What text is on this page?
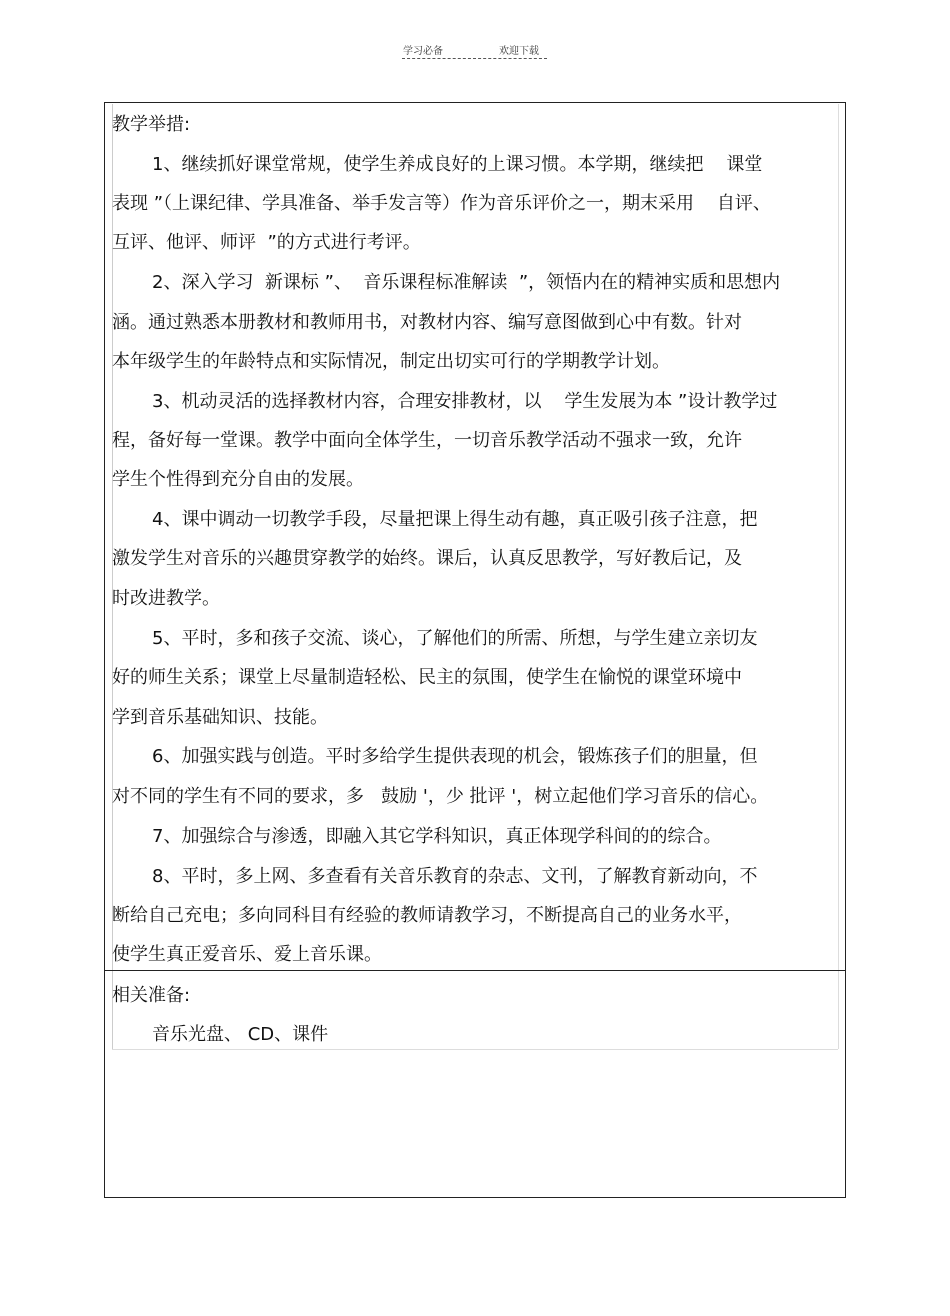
学习必备	欢迎下载
教学举措:
1、继续抓好课堂常规，使学生养成良好的上课习惯。本学期，继续把    课堂
表现 ”（上课纪律、学具准备、举手发言等）作为音乐评价之一，期末采用    自评、
互评、他评、师评  ”的方式进行考评。
2、深入学习  新课标 ”、  音乐课程标准解读  ”，领悟内在的精神实质和思想内
涵。通过熟悉本册教材和教师用书，对教材内容、编写意图做到心中有数。针对
本年级学生的年龄特点和实际情况，制定出切实可行的学期教学计划。
3、机动灵活的选择教材内容，合理安排教材，以    学生发展为本 ”设计教学过
程，备好每一堂课。教学中面向全体学生，一切音乐教学活动不强求一致，允许
学生个性得到充分自由的发展。
4、课中调动一切教学手段，尽量把课上得生动有趣，真正吸引孩子注意，把
激发学生对音乐的兴趣贯穿教学的始终。课后，认真反思教学，写好教后记，及
时改进教学。
5、平时，多和孩子交流、谈心，了解他们的所需、所想，与学生建立亲切友
好的师生关系；课堂上尽量制造轻松、民主的氛围，使学生在愉悦的课堂环境中
学到音乐基础知识、技能。
6、加强实践与创造。平时多给学生提供表现的机会，锻炼孩子们的胆量，但
对不同的学生有不同的要求，多   鼓励 '，少 批评 '，树立起他们学习音乐的信心。
7、加强综合与渗透，即融入其它学科知识，真正体现学科间的的综合。
8、平时，多上网、多查看有关音乐教育的杂志、文刊，了解教育新动向，不
断给自己充电；多向同科目有经验的教师请教学习，不断提高自己的业务水平，
使学生真正爱音乐、爱上音乐课。
相关准备:
音乐光盘、 CD、课件
